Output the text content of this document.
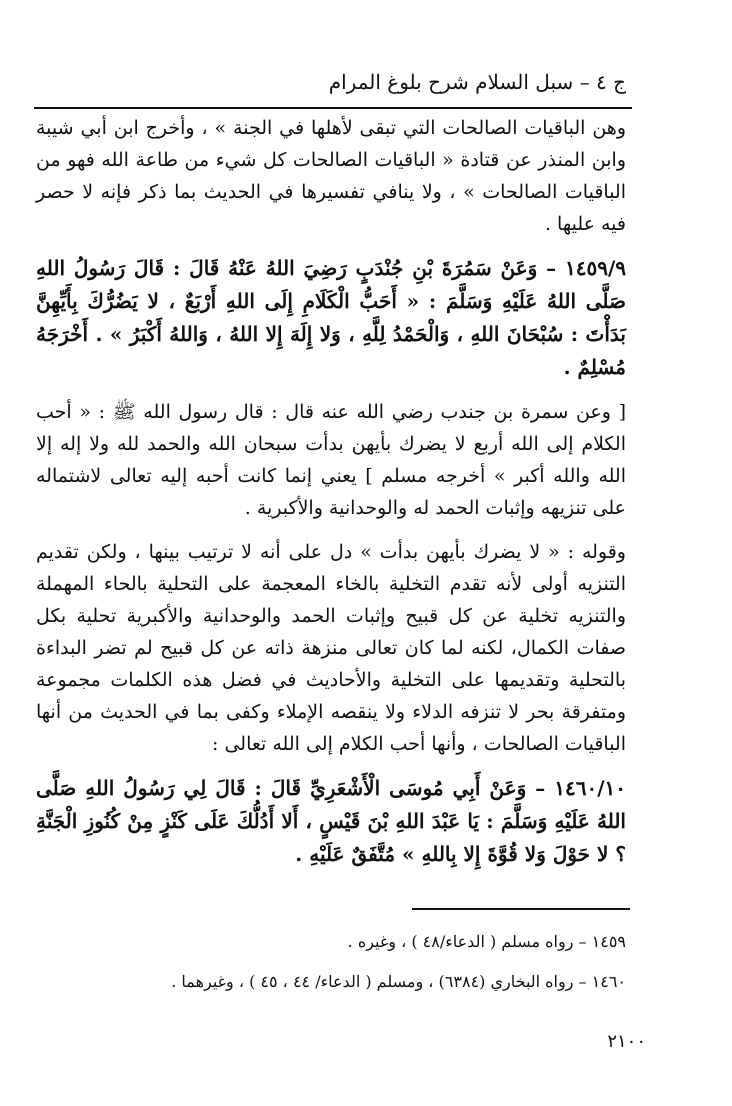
ج ٤ – سبل السلام شرح بلوغ المرام

وهن الباقيات الصالحات التي تبقى لأهلها في الجنة » ، وأخرج ابن أبي شيبة وابن المنذر عن قتادة « الباقيات الصالحات كل شيء من طاعة الله فهو من الباقيات الصالحات » ، ولا ينافي تفسيرها في الحديث بما ذكر فإنه لا حصر فيه عليها .

١٤٥٩/٩ – وَعَنْ سَمُرَةَ بْنِ جُنْدَبٍ رَضِيَ اللهُ عَنْهُ قَالَ : قَالَ رَسُولُ اللهِ صَلَّى اللهُ عَلَيْهِ وَسَلَّمَ : « أَحَبُّ الْكَلَامِ إِلَى اللهِ أَرْبَعٌ ، لا يَضُرُّكَ بِأَيِّهِنَّ بَدَأْتَ : سُبْحَانَ اللهِ ، وَالْحَمْدُ لِلَّهِ ، وَلا إِلَهَ إِلا اللهُ ، وَاللهُ أَكْبَرُ » . أَخْرَجَهُ مُسْلِمٌ .

[ وعن سمرة بن جندب رضي الله عنه قال : قال رسول الله ﷺ : « أحب الكلام إلى الله أربع لا يضرك بأيهن بدأت سبحان الله والحمد لله ولا إله إلا الله والله أكبر » أخرجه مسلم ] يعني إنما كانت أحبه إليه تعالى لاشتماله على تنزيهه وإثبات الحمد له والوحدانية والأكبرية .

وقوله : « لا يضرك بأيهن بدأت » دل على أنه لا ترتيب بينها ، ولكن تقديم التنزيه أولى لأنه تقدم التخلية بالخاء المعجمة على التحلية بالحاء المهملة والتنزيه تخلية عن كل قبيح وإثبات الحمد والوحدانية والأكبرية تحلية بكل صفات الكمال، لكنه لما كان تعالى منزهة ذاته عن كل قبيح لم تضر البداءة بالتحلية وتقديمها على التخلية والأحاديث في فضل هذه الكلمات مجموعة ومتفرقة بحر لا تنزفه الدلاء ولا ينقصه الإملاء وكفى بما في الحديث من أنها الباقيات الصالحات ، وأنها أحب الكلام إلى الله تعالى :

١٤٦٠/١٠ – وَعَنْ أَبِي مُوسَى الْأَشْعَرِيِّ قَالَ : قَالَ لِي رَسُولُ اللهِ صَلَّى اللهُ عَلَيْهِ وَسَلَّمَ : يَا عَبْدَ اللهِ بْنَ قَيْسٍ ، أَلا أَدُلُّكَ عَلَى كَنْزٍ مِنْ كُنُوزِ الْجَنَّةِ ؟ لا حَوْلَ وَلا قُوَّةَ إِلا بِاللهِ » مُتَّفَقٌ عَلَيْهِ .

١٤٥٩ – رواه مسلم ( الدعاء/٤٨ ) ، وغيره .

١٤٦٠ – رواه البخاري (٦٣٨٤) ، ومسلم ( الدعاء/ ٤٤ ، ٤٥ ) ، وغيرهما .

٢١٠٠
